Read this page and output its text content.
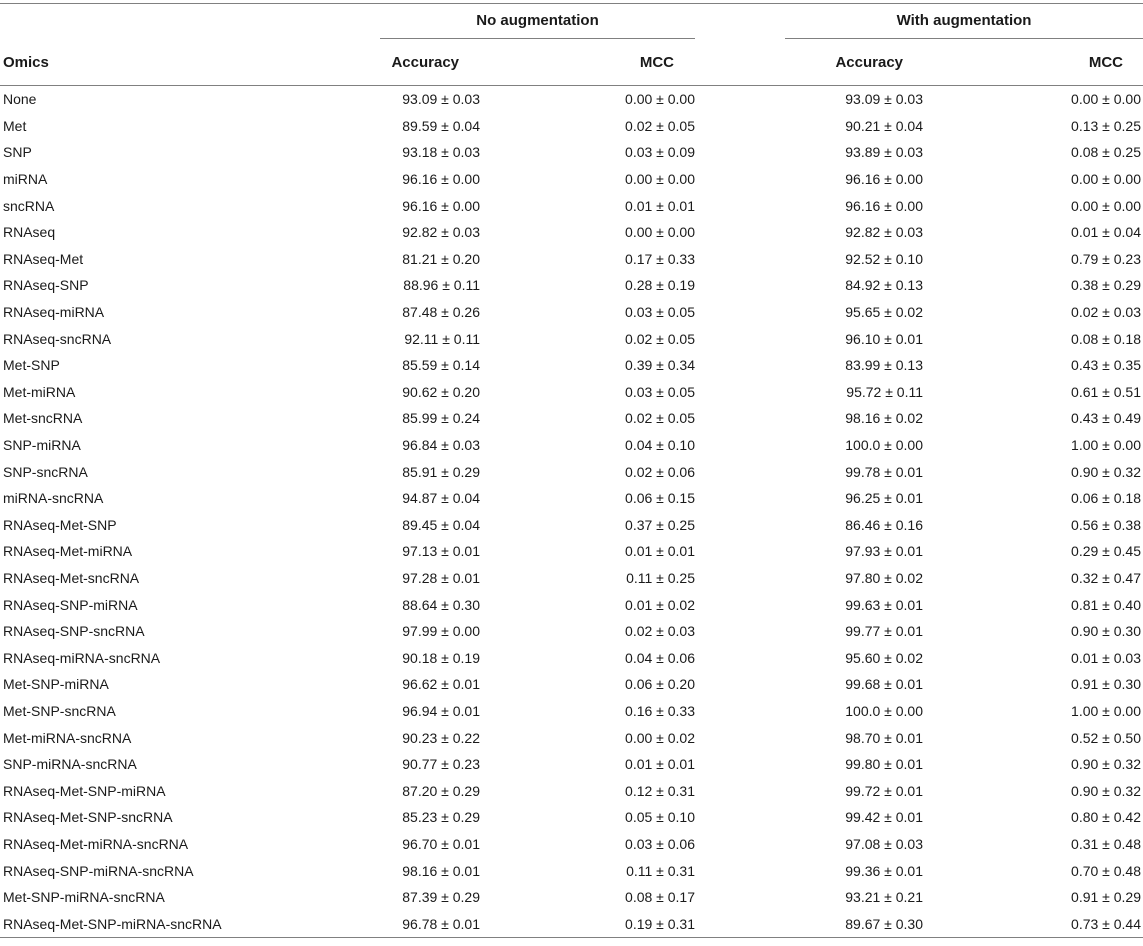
	No augmentation			With augmentation	

Omics	Accuracy	MCC		Accuracy	MCC
None	93.09 ± 0.03	0.00 ± 0.00		93.09 ± 0.03	0.00 ± 0.00
Met	89.59 ± 0.04	0.02 ± 0.05		90.21 ± 0.04	0.13 ± 0.25
SNP	93.18 ± 0.03	0.03 ± 0.09		93.89 ± 0.03	0.08 ± 0.25
miRNA	96.16 ± 0.00	0.00 ± 0.00		96.16 ± 0.00	0.00 ± 0.00
sncRNA	96.16 ± 0.00	0.01 ± 0.01		96.16 ± 0.00	0.00 ± 0.00
RNAseq	92.82 ± 0.03	0.00 ± 0.00		92.82 ± 0.03	0.01 ± 0.04
RNAseq-Met	81.21 ± 0.20	0.17 ± 0.33		92.52 ± 0.10	0.79 ± 0.23
RNAseq-SNP	88.96 ± 0.11	0.28 ± 0.19		84.92 ± 0.13	0.38 ± 0.29
RNAseq-miRNA	87.48 ± 0.26	0.03 ± 0.05		95.65 ± 0.02	0.02 ± 0.03
RNAseq-sncRNA	92.11 ± 0.11	0.02 ± 0.05		96.10 ± 0.01	0.08 ± 0.18
Met-SNP	85.59 ± 0.14	0.39 ± 0.34		83.99 ± 0.13	0.43 ± 0.35
Met-miRNA	90.62 ± 0.20	0.03 ± 0.05		95.72 ± 0.11	0.61 ± 0.51
Met-sncRNA	85.99 ± 0.24	0.02 ± 0.05		98.16 ± 0.02	0.43 ± 0.49
SNP-miRNA	96.84 ± 0.03	0.04 ± 0.10		100.0 ± 0.00	1.00 ± 0.00
SNP-sncRNA	85.91 ± 0.29	0.02 ± 0.06		99.78 ± 0.01	0.90 ± 0.32
miRNA-sncRNA	94.87 ± 0.04	0.06 ± 0.15		96.25 ± 0.01	0.06 ± 0.18
RNAseq-Met-SNP	89.45 ± 0.04	0.37 ± 0.25		86.46 ± 0.16	0.56 ± 0.38
RNAseq-Met-miRNA	97.13 ± 0.01	0.01 ± 0.01		97.93 ± 0.01	0.29 ± 0.45
RNAseq-Met-sncRNA	97.28 ± 0.01	0.11 ± 0.25		97.80 ± 0.02	0.32 ± 0.47
RNAseq-SNP-miRNA	88.64 ± 0.30	0.01 ± 0.02		99.63 ± 0.01	0.81 ± 0.40
RNAseq-SNP-sncRNA	97.99 ± 0.00	0.02 ± 0.03		99.77 ± 0.01	0.90 ± 0.30
RNAseq-miRNA-sncRNA	90.18 ± 0.19	0.04 ± 0.06		95.60 ± 0.02	0.01 ± 0.03
Met-SNP-miRNA	96.62 ± 0.01	0.06 ± 0.20		99.68 ± 0.01	0.91 ± 0.30
Met-SNP-sncRNA	96.94 ± 0.01	0.16 ± 0.33		100.0 ± 0.00	1.00 ± 0.00
Met-miRNA-sncRNA	90.23 ± 0.22	0.00 ± 0.02		98.70 ± 0.01	0.52 ± 0.50
SNP-miRNA-sncRNA	90.77 ± 0.23	0.01 ± 0.01		99.80 ± 0.01	0.90 ± 0.32
RNAseq-Met-SNP-miRNA	87.20 ± 0.29	0.12 ± 0.31		99.72 ± 0.01	0.90 ± 0.32
RNAseq-Met-SNP-sncRNA	85.23 ± 0.29	0.05 ± 0.10		99.42 ± 0.01	0.80 ± 0.42
RNAseq-Met-miRNA-sncRNA	96.70 ± 0.01	0.03 ± 0.06		97.08 ± 0.03	0.31 ± 0.48
RNAseq-SNP-miRNA-sncRNA	98.16 ± 0.01	0.11 ± 0.31		99.36 ± 0.01	0.70 ± 0.48
Met-SNP-miRNA-sncRNA	87.39 ± 0.29	0.08 ± 0.17		93.21 ± 0.21	0.91 ± 0.29
RNAseq-Met-SNP-miRNA-sncRNA	96.78 ± 0.01	0.19 ± 0.31		89.67 ± 0.30	0.73 ± 0.44
